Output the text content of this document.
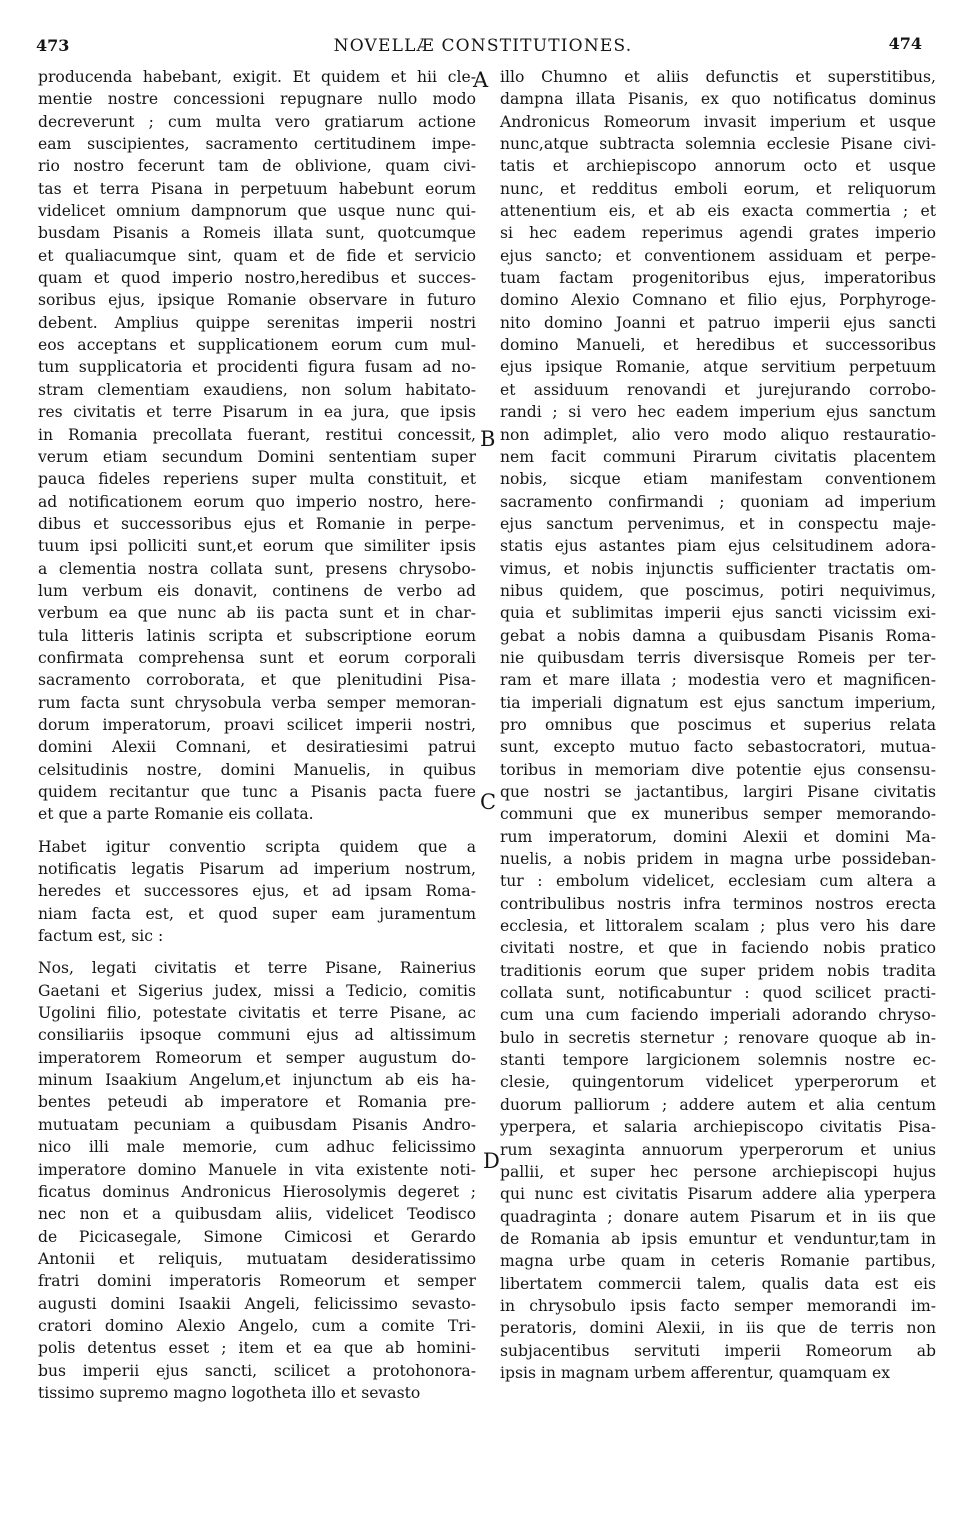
473	NOVELLÆ CONSTITUTIONES.	474
producenda habebant, exigit. Et quidem et hii cle-
mentie nostre concessioni repugnare nullo modo
decreverunt ; cum multa vero gratiarum actione
eam suscipientes, sacramento certitudinem impe-
rio nostro fecerunt tam de oblivione, quam civi-
tas et terra Pisana in perpetuum habebunt eorum
videlicet omnium dampnorum que usque nunc qui-
busdam Pisanis a Romeis illata sunt, quotcumque
et qualiacumque sint, quam et de fide et servicio
quam et quod imperio nostro,heredibus et succes-
soribus ejus, ipsique Romanie observare in futuro
debent. Amplius quippe serenitas imperii nostri
eos acceptans et supplicationem eorum cum mul-
tum supplicatoria et procidenti figura fusam ad no-
stram clementiam exaudiens, non solum habitato-
res civitatis et terre Pisarum in ea jura, que ipsis
in Romania precollata fuerant, restitui concessit,
verum etiam secundum Domini sententiam super
pauca fideles reperiens super multa constituit, et
ad notificationem eorum quo imperio nostro, here-
dibus et successoribus ejus et Romanie in perpe-
tuum ipsi polliciti sunt,et eorum que similiter ipsis
a clementia nostra collata sunt, presens chrysobo-
lum verbum eis donavit, continens de verbo ad
verbum ea que nunc ab iis pacta sunt et in char-
tula litteris latinis scripta et subscriptione eorum
confirmata comprehensa sunt et eorum corporali
sacramento corroborata, et que plenitudini Pisa-
rum facta sunt chrysobula verba semper memoran-
dorum imperatorum, proavi scilicet imperii nostri,
domini Alexii Comnani, et desiratiesimi patrui
celsitudinis nostre, domini Manuelis, in quibus
quidem recitantur que tunc a Pisanis pacta fuere
et que a parte Romanie eis collata.
Habet igitur conventio scripta quidem que a
notificatis legatis Pisarum ad imperium nostrum,
heredes et successores ejus, et ad ipsam Roma-
niam facta est, et quod super eam juramentum
factum est, sic :
Nos, legati civitatis et terre Pisane, Rainerius
Gaetani et Sigerius judex, missi a Tedicio, comitis
Ugolini filio, potestate civitatis et terre Pisane, ac
consiliariis ipsoque communi ejus ad altissimum
imperatorem Romeorum et semper augustum do-
minum Isaakium Angelum,et injunctum ab eis ha-
bentes peteudi ab imperatore et Romania pre-
mutuatam pecuniam a quibusdam Pisanis Andro-
nico illi male memorie, cum adhuc felicissimo
imperatore domino Manuele in vita existente noti-
ficatus dominus Andronicus Hierosolymis degeret ;
nec non et a quibusdam aliis, videlicet Teodisco
de Picicasegale, Simone Cimicosi et Gerardo
Antonii et reliquis, mutuatam desideratissimo
fratri domini imperatoris Romeorum et semper
augusti domini Isaakii Angeli, felicissimo sevasto-
cratori domino Alexio Angelo, cum a comite Tri-
polis detentus esset ; item et ea que ab homini-
bus imperii ejus sancti, scilicet a protohonora-
tissimo supremo magno logotheta illo et sevasto
illo Chumno et aliis defunctis et superstitibus,
dampna illata Pisanis, ex quo notificatus dominus
Andronicus Romeorum invasit imperium et usque
nunc,atque subtracta solemnia ecclesie Pisane civi-
tatis et archiepiscopo annorum octo et usque
nunc, et redditus emboli eorum, et reliquorum
attenentium eis, et ab eis exacta commertia ; et
si hec eadem reperimus agendi grates imperio
ejus sancto; et conventionem assiduam et perpe-
tuam factam progenitoribus ejus, imperatoribus
domino Alexio Comnano et filio ejus, Porphyroge-
nito domino Joanni et patruo imperii ejus sancti
domino Manueli, et heredibus et successoribus
ejus ipsique Romanie, atque servitium perpetuum
et assiduum renovandi et jurejurando corrobo-
randi ; si vero hec eadem imperium ejus sanctum
non adimplet, alio vero modo aliquo restauratio-
nem facit communi Pirarum civitatis placentem
nobis, sicque etiam manifestam conventionem
sacramento confirmandi ; quoniam ad imperium
ejus sanctum pervenimus, et in conspectu maje-
statis ejus astantes piam ejus celsitudinem adora-
vimus, et nobis injunctis sufficienter tractatis om-
nibus quidem, que poscimus, potiri nequivimus,
quia et sublimitas imperii ejus sancti vicissim exi-
gebat a nobis damna a quibusdam Pisanis Roma-
nie quibusdam terris diversisque Romeis per ter-
ram et mare illata ; modestia vero et magnificen-
tia imperiali dignatum est ejus sanctum imperium,
pro omnibus que poscimus et superius relata
sunt, excepto mutuo facto sebastocratori, mutua-
toribus in memoriam dive potentie ejus consensu-
que nostri se jactantibus, largiri Pisane civitatis
communi que ex muneribus semper memorando-
rum imperatorum, domini Alexii et domini Ma-
nuelis, a nobis pridem in magna urbe possideban-
tur : embolum videlicet, ecclesiam cum altera a
contribulibus nostris infra terminos nostros erecta
ecclesia, et littoralem scalam ; plus vero his dare
civitati nostre, et que in faciendo nobis pratico
traditionis eorum que super pridem nobis tradita
collata sunt, notificabuntur : quod scilicet practi-
cum una cum faciendo imperiali adorando chryso-
bulo in secretis sternetur ; renovare quoque ab in-
stanti tempore largicionem solemnis nostre ec-
clesie, quingentorum videlicet yperperorum et
duorum palliorum ; addere autem et alia centum
yperpera, et salaria archiepiscopo civitatis Pisa-
rum sexaginta annuorum yperperorum et unius
pallii, et super hec persone archiepiscopi hujus
qui nunc est civitatis Pisarum addere alia yperpera
quadraginta ; donare autem Pisarum et in iis que
de Romania ab ipsis emuntur et venduntur,tam in
magna urbe quam in ceteris Romanie partibus,
libertatem commercii talem, qualis data est eis
in chrysobulo ipsis facto semper memorandi im-
peratoris, domini Alexii, in iis que de terris non
subjacentibus servituti imperii Romeorum ab
ipsis in magnam urbem afferentur, quamquam ex
A
B
C
D
